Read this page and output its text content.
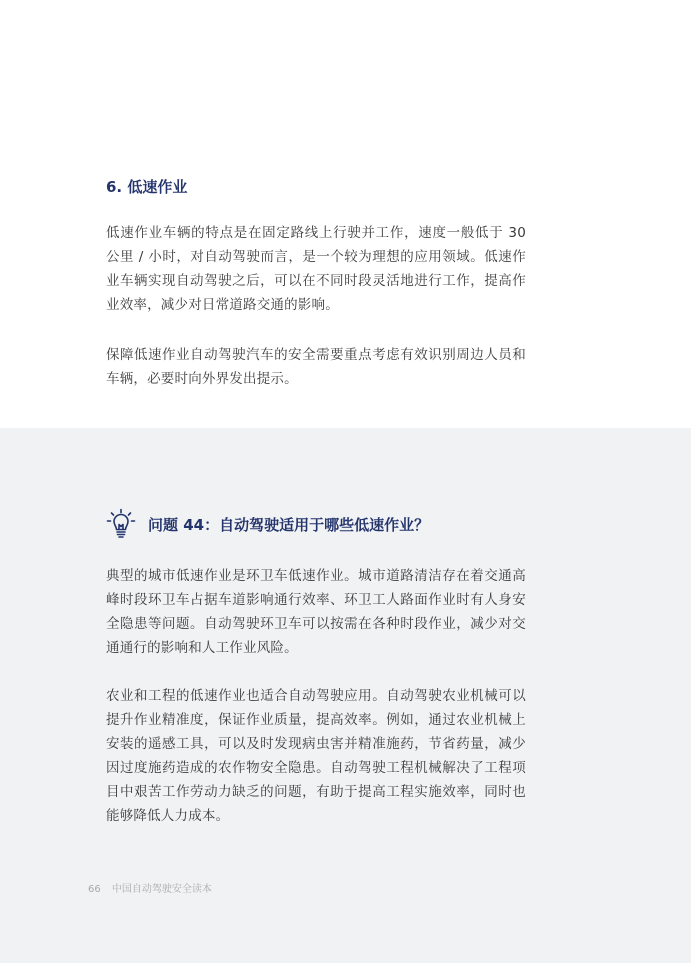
6. 低速作业

低速作业车辆的特点是在固定路线上行驶并工作，速度一般低于 30 公里 / 小时，对自动驾驶而言，是一个较为理想的应用领域。低速作业车辆实现自动驾驶之后，可以在不同时段灵活地进行工作，提高作业效率，减少对日常道路交通的影响。

保障低速作业自动驾驶汽车的安全需要重点考虑有效识别周边人员和车辆，必要时向外界发出提示。

问题 44：自动驾驶适用于哪些低速作业？

典型的城市低速作业是环卫车低速作业。城市道路清洁存在着交通高峰时段环卫车占据车道影响通行效率、环卫工人路面作业时有人身安全隐患等问题。自动驾驶环卫车可以按需在各种时段作业，减少对交通通行的影响和人工作业风险。

农业和工程的低速作业也适合自动驾驶应用。自动驾驶农业机械可以提升作业精准度，保证作业质量，提高效率。例如，通过农业机械上安装的遥感工具，可以及时发现病虫害并精准施药，节省药量，减少因过度施药造成的农作物安全隐患。自动驾驶工程机械解决了工程项目中艰苦工作劳动力缺乏的问题，有助于提高工程实施效率，同时也能够降低人力成本。

66 中国自动驾驶安全读本
